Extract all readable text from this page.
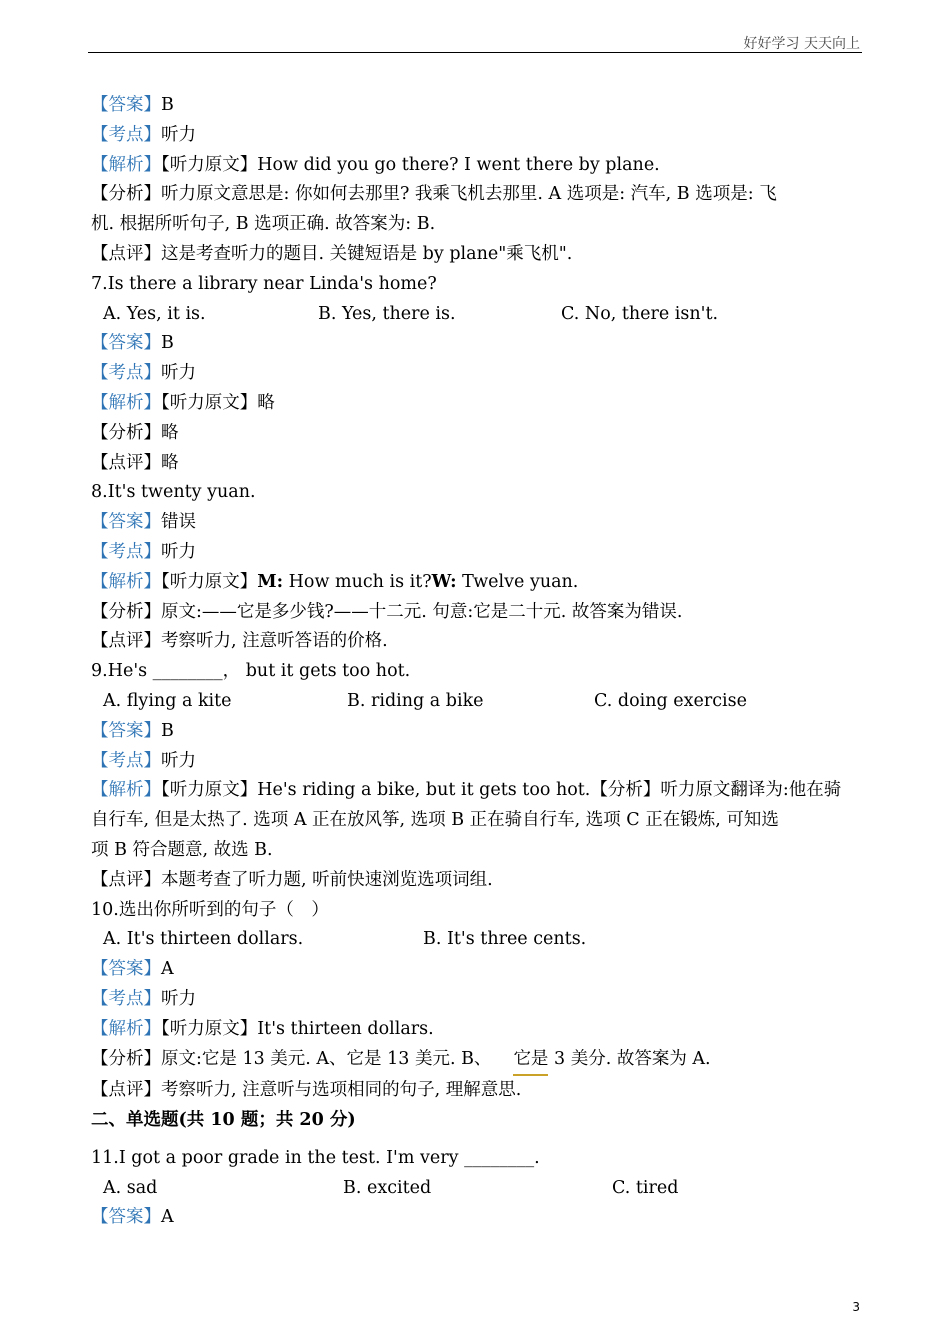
好好学习 天天向上
【答案】B
【考点】听力
【解析】【听力原文】How did you go there? I went there by plane.
【分析】听力原文意思是: 你如何去那里? 我乘飞机去那里. A 选项是: 汽车, B 选项是: 飞
机. 根据所听句子, B 选项正确. 故答案为: B.
【点评】这是考查听力的题目. 关键短语是 by plane"乘飞机".
7.Is there a library near Linda's home?
A. Yes, it is.	B. Yes, there is.	C. No, there isn't.
【答案】B
【考点】听力
【解析】【听力原文】略
【分析】略
【点评】略
8.It's twenty yuan.
【答案】错误
【考点】听力
【解析】【听力原文】M: How much is it?W: Twelve yuan.
【分析】原文:——它是多少钱?——十二元. 句意:它是二十元. 故答案为错误.
【点评】考察听力, 注意听答语的价格.
9.He's ________， but it gets too hot.
A. flying a kite	B. riding a bike	C. doing exercise
【答案】B
【考点】听力
【解析】【听力原文】He's riding a bike, but it gets too hot.【分析】听力原文翻译为:他在骑
自行车, 但是太热了. 选项 A 正在放风筝, 选项 B 正在骑自行车, 选项 C 正在锻炼, 可知选
项 B 符合题意, 故选 B.
【点评】本题考查了听力题, 听前快速浏览选项词组.
10.选出你所听到的句子（　）
A. It's thirteen dollars.	B. It's three cents.
【答案】A
【考点】听力
【解析】【听力原文】It's thirteen dollars.
【分析】原文:它是 13 美元. A、它是 13 美元. B、 它是 3 美分. 故答案为 A.
【点评】考察听力, 注意听与选项相同的句子, 理解意思.
二、单选题(共 10 题；共 20 分)
11.I got a poor grade in the test. I'm very ________.
A. sad	B. excited	C. tired
【答案】A
3
